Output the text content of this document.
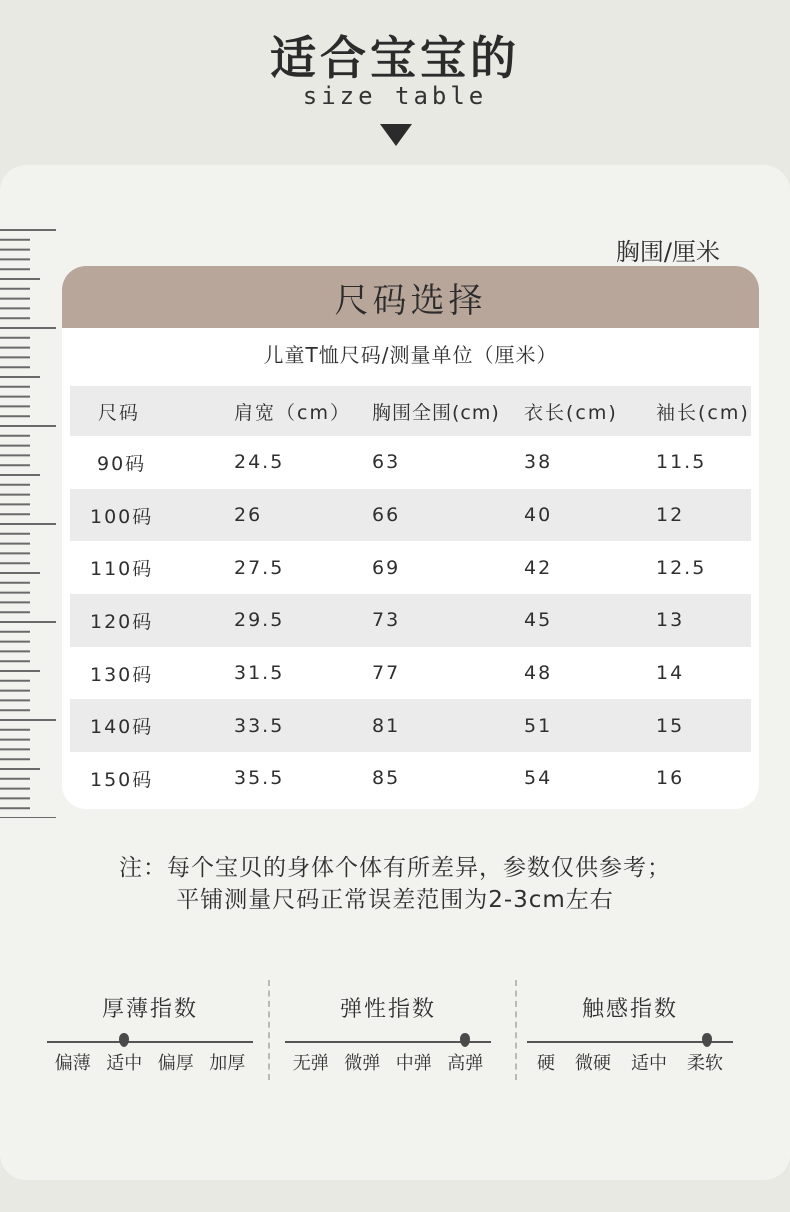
适合宝宝的
size table
胸围/厘米
尺码选择
儿童T恤尺码/测量单位（厘米）
尺码	肩宽（cm）	胸围全围(cm)	衣长(cm)	袖长(cm)
90码	24.5	63	38	11.5
100码	26	66	40	12
110码	27.5	69	42	12.5
120码	29.5	73	45	13
130码	31.5	77	48	14
140码	33.5	81	51	15
150码	35.5	85	54	16
注：每个宝贝的身体个体有所差异，参数仅供参考；
平铺测量尺码正常误差范围为2-3cm左右
厚薄指数
偏薄 适中 偏厚 加厚
弹性指数
无弹 微弹 中弹 高弹
触感指数
硬 微硬 适中 柔软
